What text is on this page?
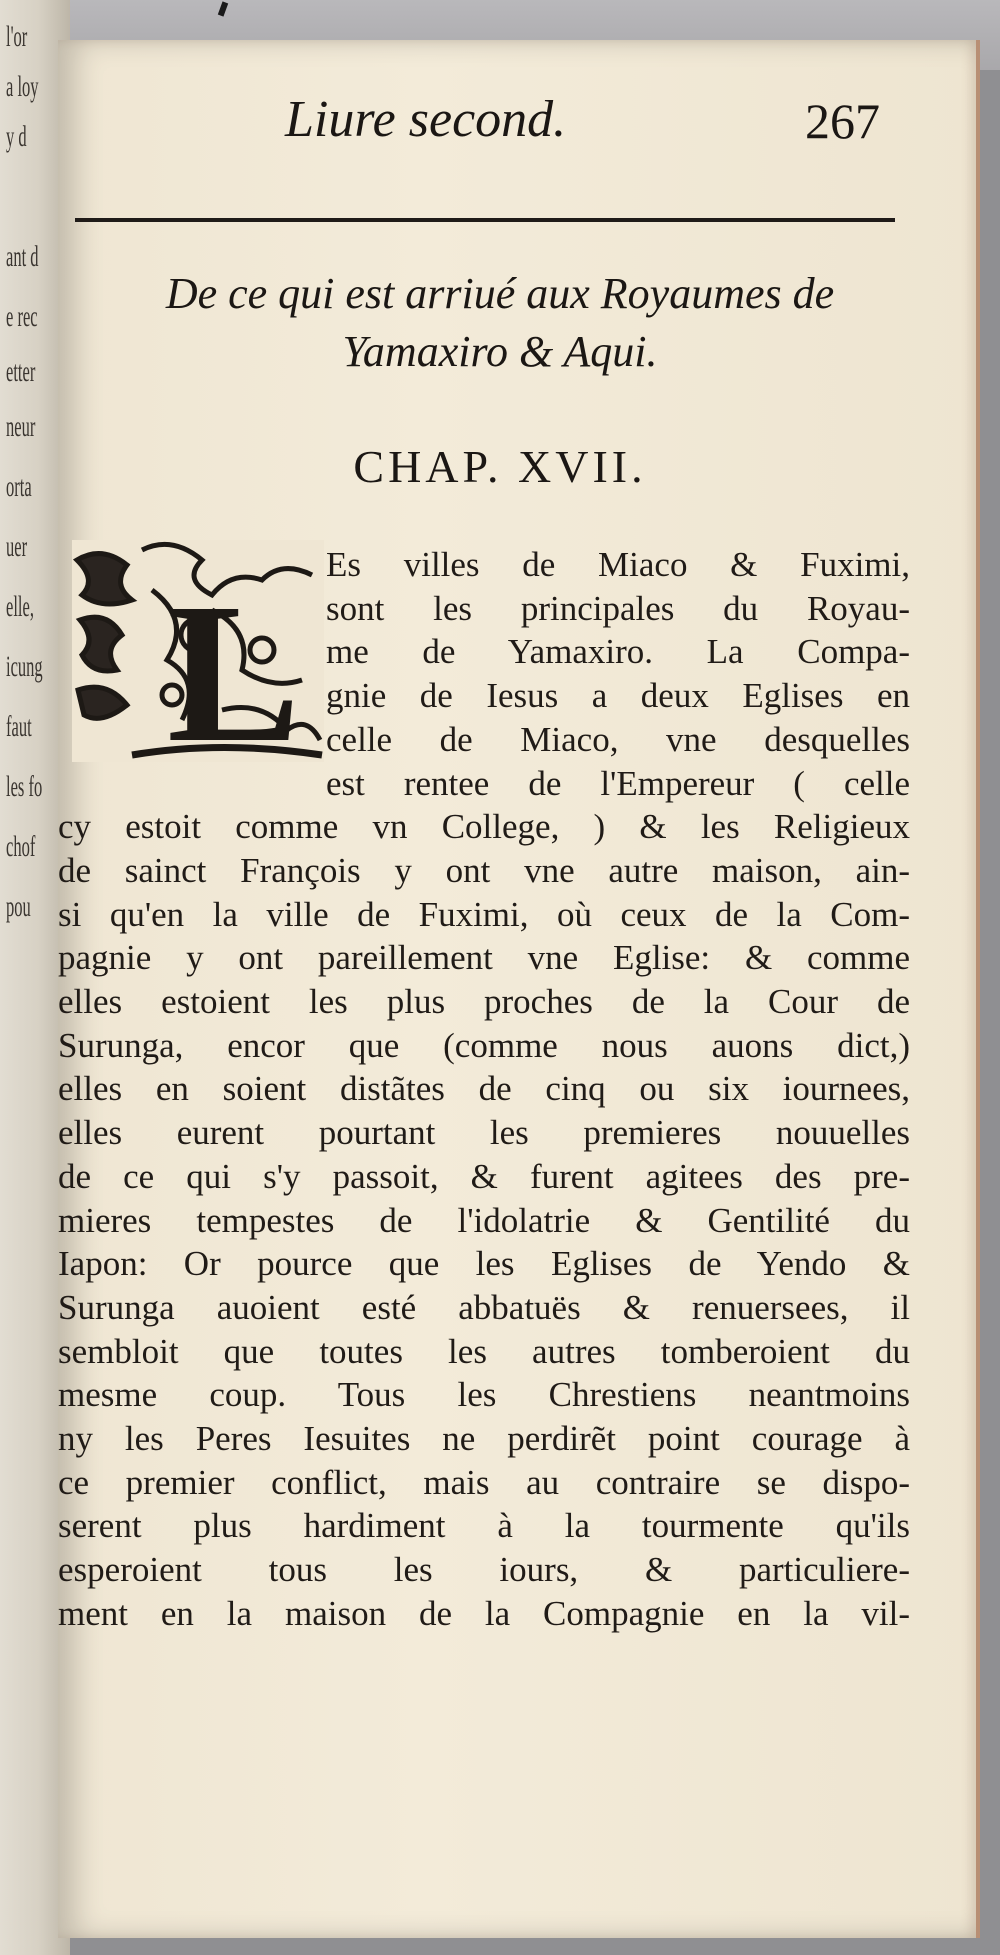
l'or
a loy
y d
ant d
e rec
etter
neur
orta
uer
elle,
icung
faut
les fo
chof
pou
Liure second.	267
De ce qui est arriué aux Royaumes de
Yamaxiro & Aqui.
CHAP. XVII.
L Es villes de Miaco & Fuximi,
sont les principales du Royau-
me de Yamaxiro. La Compa-
gnie de Iesus a deux Eglises en
celle de Miaco, vne desquelles
est rentee de l'Empereur ( celle
cy estoit comme vn College, ) & les Religieux
de sainct François y ont vne autre maison, ain-
si qu'en la ville de Fuximi, où ceux de la Com-
pagnie y ont pareillement vne Eglise: & comme
elles estoient les plus proches de la Cour de
Surunga, encor que (comme nous auons dict,)
elles en soient distãtes de cinq ou six iournees,
elles eurent pourtant les premieres nouuelles
de ce qui s'y passoit, & furent agitees des pre-
mieres tempestes de l'idolatrie & Gentilité du
Iapon: Or pource que les Eglises de Yendo &
Surunga auoient esté abbatuës & renuersees, il
sembloit que toutes les autres tomberoient du
mesme coup. Tous les Chrestiens neantmoins
ny les Peres Iesuites ne perdirẽt point courage à
ce premier conflict, mais au contraire se dispo-
serent plus hardiment à la tourmente qu'ils
esperoient tous les iours, & particuliere-
ment en la maison de la Compagnie en la vil-
